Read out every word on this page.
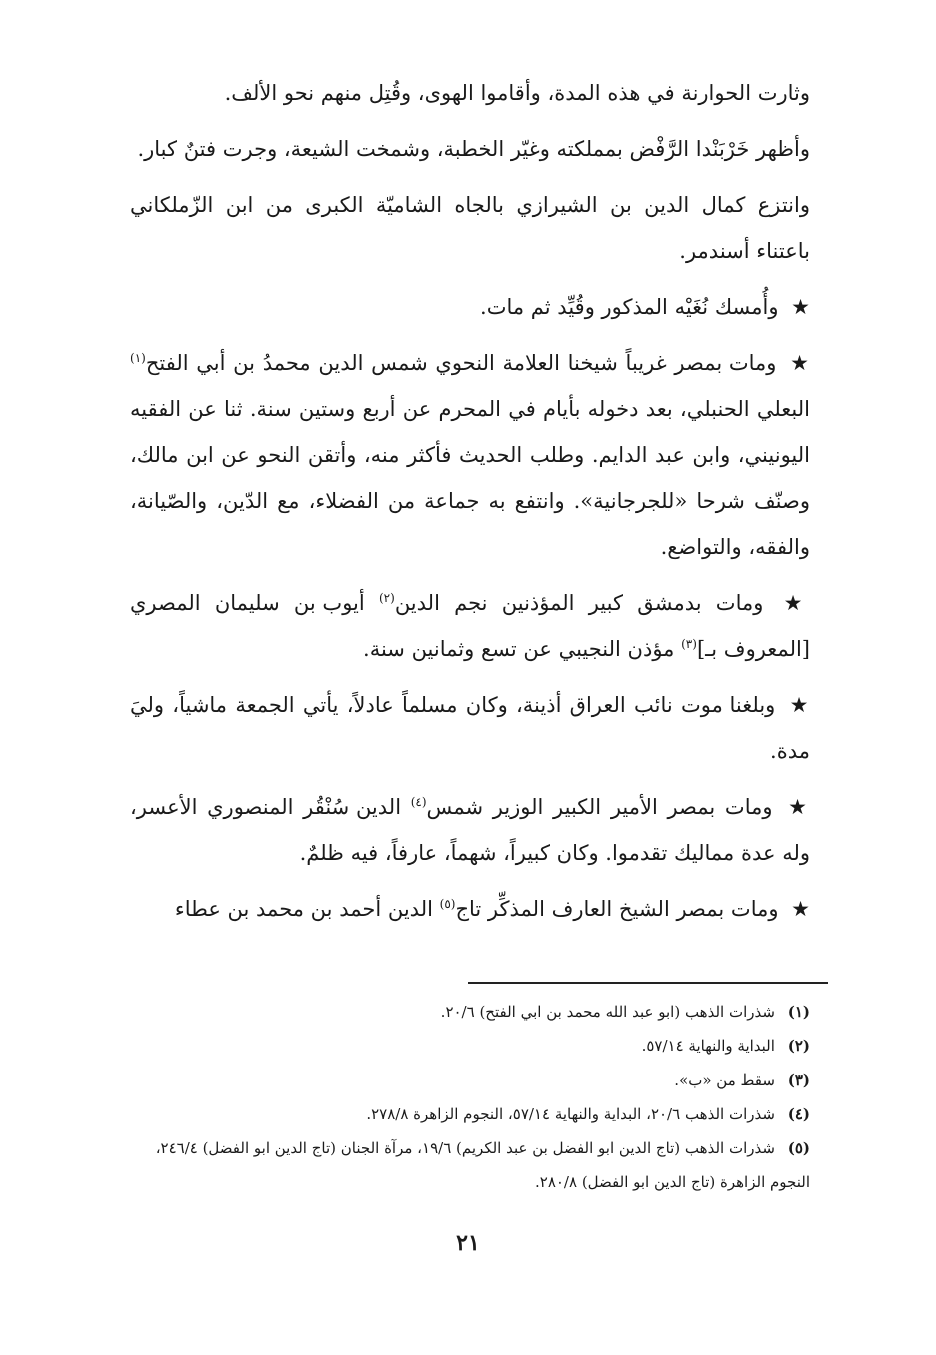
وثارت الحوارنة في هذه المدة، وأقاموا الهوى، وقُتِل منهم نحو الألف.

وأظهر خَرْبَنْدا الرَّفْض بمملكته وغيّر الخطبة، وشمخت الشيعة، وجرت فتنٌ كبار.

وانتزع كمال الدين بن الشيرازي بالجاه الشاميّة الكبرى من ابن الزّملكاني باعتناء أسندمر.

★ وأُمسك نُغَيْه المذكور وقُيِّد ثم مات.

★ ومات بمصر غريباً شيخنا العلامة النحوي شمس الدين محمدُ بن أبي الفتح$^{(١)}$ البعلي الحنبلي، بعد دخوله بأيام في المحرم عن أربع وستين سنة. ثنا عن الفقيه اليونيني، وابن عبد الدايم. وطلب الحديث فأكثر منه، وأتقن النحو عن ابن مالك، وصنّف شرحا «للجرجانية». وانتفع به جماعة من الفضلاء، مع الدّين، والصّيانة، والفقه، والتواضع.

★ ومات بدمشق كبير المؤذنين نجم الدين$^{(٢)}$ أيوب بن سليمان المصري [المعروف بـ]$^{(٣)}$ مؤذن النجيبي عن تسع وثمانين سنة.

★ وبلغنا موت نائب العراق أذينة، وكان مسلماً عادلاً، يأتي الجمعة ماشياً، وليَ مدة.

★ ومات بمصر الأمير الكبير الوزير شمس$^{(٤)}$ الدين سُنْقُر المنصوري الأعسر، وله عدة مماليك تقدموا. وكان كبيراً، شهماً، عارفاً، فيه ظلمٌ.

★ ومات بمصر الشيخ العارف المذكِّر تاج$^{(٥)}$ الدين أحمد بن محمد بن عطاء

(١) شذرات الذهب (ابو عبد الله محمد بن ابي الفتح) ٢٠/٦.

(٢) البداية والنهاية ٥٧/١٤.

(٣) سقط من «ب».

(٤) شذرات الذهب ٢٠/٦، البداية والنهاية ٥٧/١٤، النجوم الزاهرة ٢٧٨/٨.

(٥) شذرات الذهب (تاج الدين ابو الفضل بن عبد الكريم) ١٩/٦، مرآة الجنان (تاج الدين ابو الفضل) ٢٤٦/٤، النجوم الزاهرة (تاج الدين ابو الفضل) ٢٨٠/٨.

٢١
